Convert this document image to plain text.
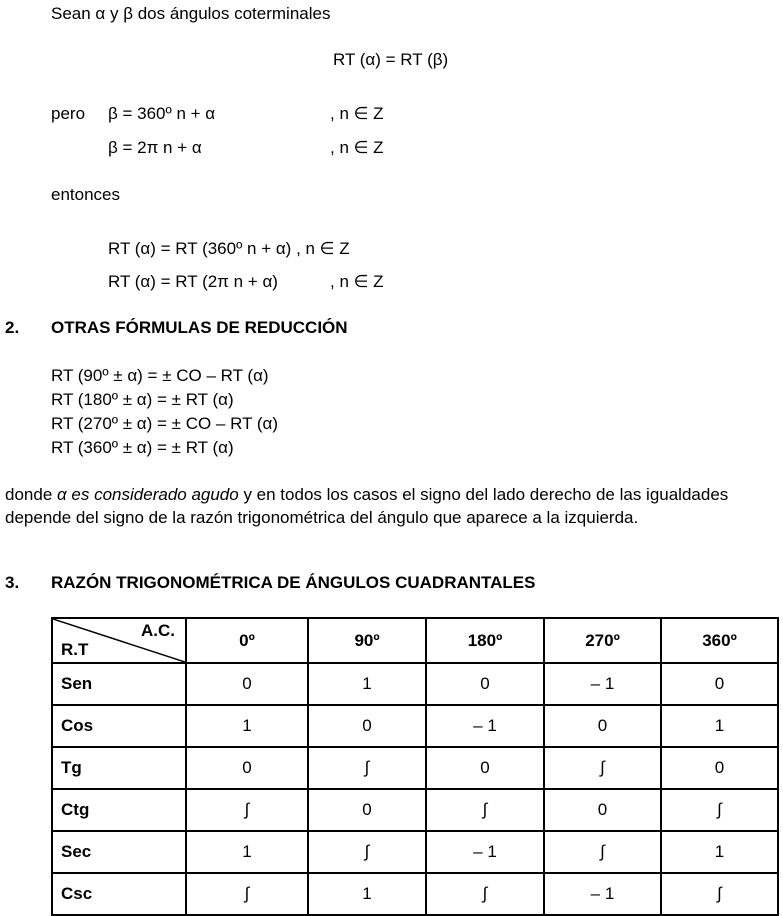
Sean α y β dos ángulos coterminales
RT (α) = RT (β)
pero β = 360º n + α	, n ∈ Z
β = 2π n + α	, n ∈ Z
entonces
RT (α) = RT (360º n + α) , n ∈ Z
RT (α) = RT (2π n + α)	, n ∈ Z
2. OTRAS FÓRMULAS DE REDUCCIÓN
RT (90º ± α) = ± CO – RT (α)
RT (180º ± α) = ± RT (α)
RT (270º ± α) = ± CO – RT (α)
RT (360º ± α) = ± RT (α)
donde α es considerado agudo y en todos los casos el signo del lado derecho de las igualdades depende del signo de la razón trigonométrica del ángulo que aparece a la izquierda.
3. RAZÓN TRIGONOMÉTRICA DE ÁNGULOS CUADRANTALES
A.C.
R.T	0º	90º	180º	270º	360º
Sen	0	1	0	– 1	0
Cos	1	0	– 1	0	1
Tg	0	∫	0	∫	0
Ctg	∫	0	∫	0	∫
Sec	1	∫	– 1	∫	1
Csc	∫	1	∫	– 1	∫
